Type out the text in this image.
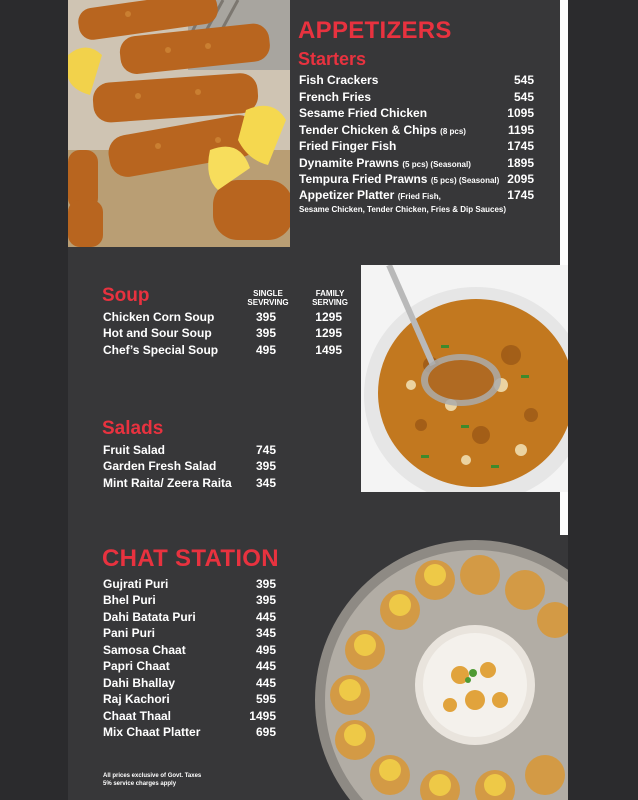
APPETIZERS
Starters
Fish Crackers	545
French Fries	545
Sesame Fried Chicken	1095
Tender Chicken & Chips (8 pcs)	1195
Fried Finger Fish	1745
Dynamite Prawns (5 pcs) (Seasonal)	1895
Tempura Fried Prawns (5 pcs) (Seasonal) 2095
Appetizer Platter (Fried Fish,	1745
Sesame Chicken, Tender Chicken, Fries & Dip Sauces)
Soup	SINGLE
SEVRVING
FAMILY
SERVING
Chicken Corn Soup	395	1295
Hot and Sour Soup	395	1295
Chef’s Special Soup	495	1495
Salads
Fruit Salad	745
Garden Fresh Salad	395
Mint Raita/ Zeera Raita	345
CHAT STATION
Gujrati Puri	395
Bhel Puri	395
Dahi Batata Puri	445
Pani Puri	345
Samosa Chaat	495
Papri Chaat	445
Dahi Bhallay	445
Raj Kachori	595
Chaat Thaal	1495
Mix Chaat Platter	695
All prices exclusive of Govt. Taxes
5% service charges apply
